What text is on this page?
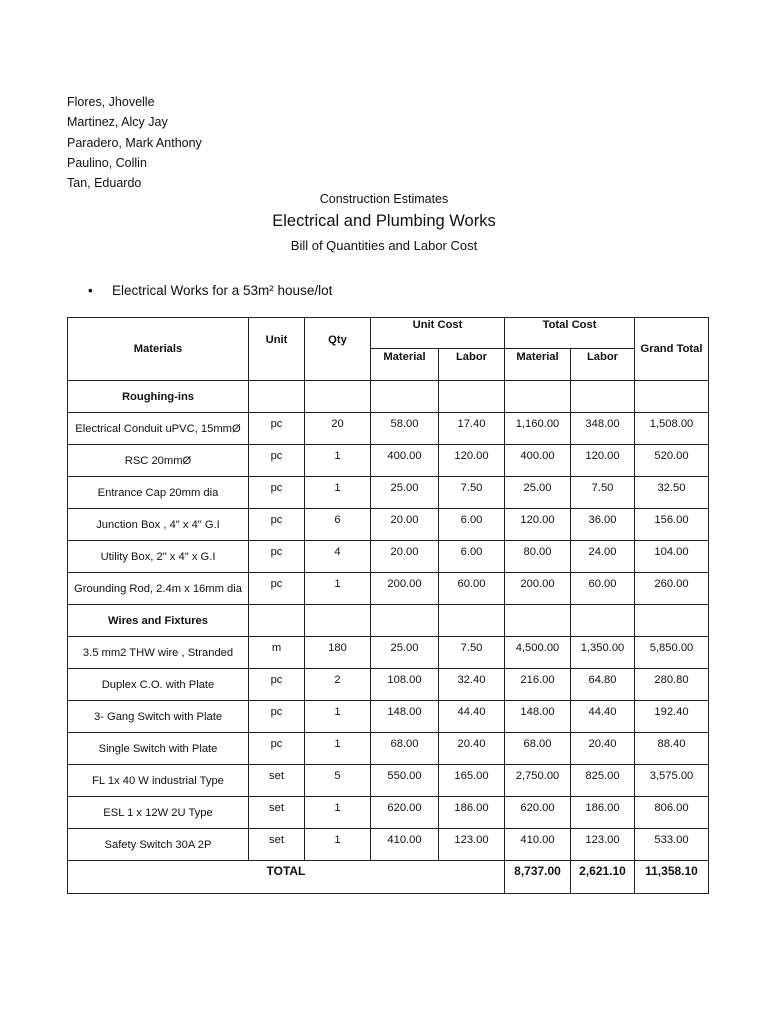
Flores, Jhovelle
Martinez, Alcy Jay
Paradero, Mark Anthony
Paulino, Collin
Tan, Eduardo
Construction Estimates
Electrical and Plumbing Works
Bill of Quantities and Labor Cost
• Electrical Works for a 53m² house/lot
Materials	Unit	Qty	Unit Cost		Total Cost		Grand Total
			Material	Labor	Material	Labor	
Roughing-ins							
Electrical Conduit uPVC, 15mmØ	pc	20	58.00	17.40	1,160.00	348.00	1,508.00
RSC 20mmØ	pc	1	400.00	120.00	400.00	120.00	520.00
Entrance Cap 20mm dia	pc	1	25.00	7.50	25.00	7.50	32.50
Junction Box , 4" x 4" G.I	pc	6	20.00	6.00	120.00	36.00	156.00
Utility Box, 2" x 4" x G.I	pc	4	20.00	6.00	80.00	24.00	104.00
Grounding Rod, 2.4m x 16mm dia	pc	1	200.00	60.00	200.00	60.00	260.00
Wires and Fixtures							
3.5 mm2 THW wire , Stranded	m	180	25.00	7.50	4,500.00	1,350.00	5,850.00
Duplex C.O. with Plate	pc	2	108.00	32.40	216.00	64.80	280.80
3- Gang Switch with Plate	pc	1	148.00	44.40	148.00	44.40	192.40
Single Switch with Plate	pc	1	68.00	20.40	68.00	20.40	88.40
FL 1x 40 W industrial Type	set	5	550.00	165.00	2,750.00	825.00	3,575.00
ESL 1 x 12W 2U Type	set	1	620.00	186.00	620.00	186.00	806.00
Safety Switch 30A 2P	set	1	410.00	123.00	410.00	123.00	533.00
	TOTAL				8,737.00	2,621.10	11,358.10
